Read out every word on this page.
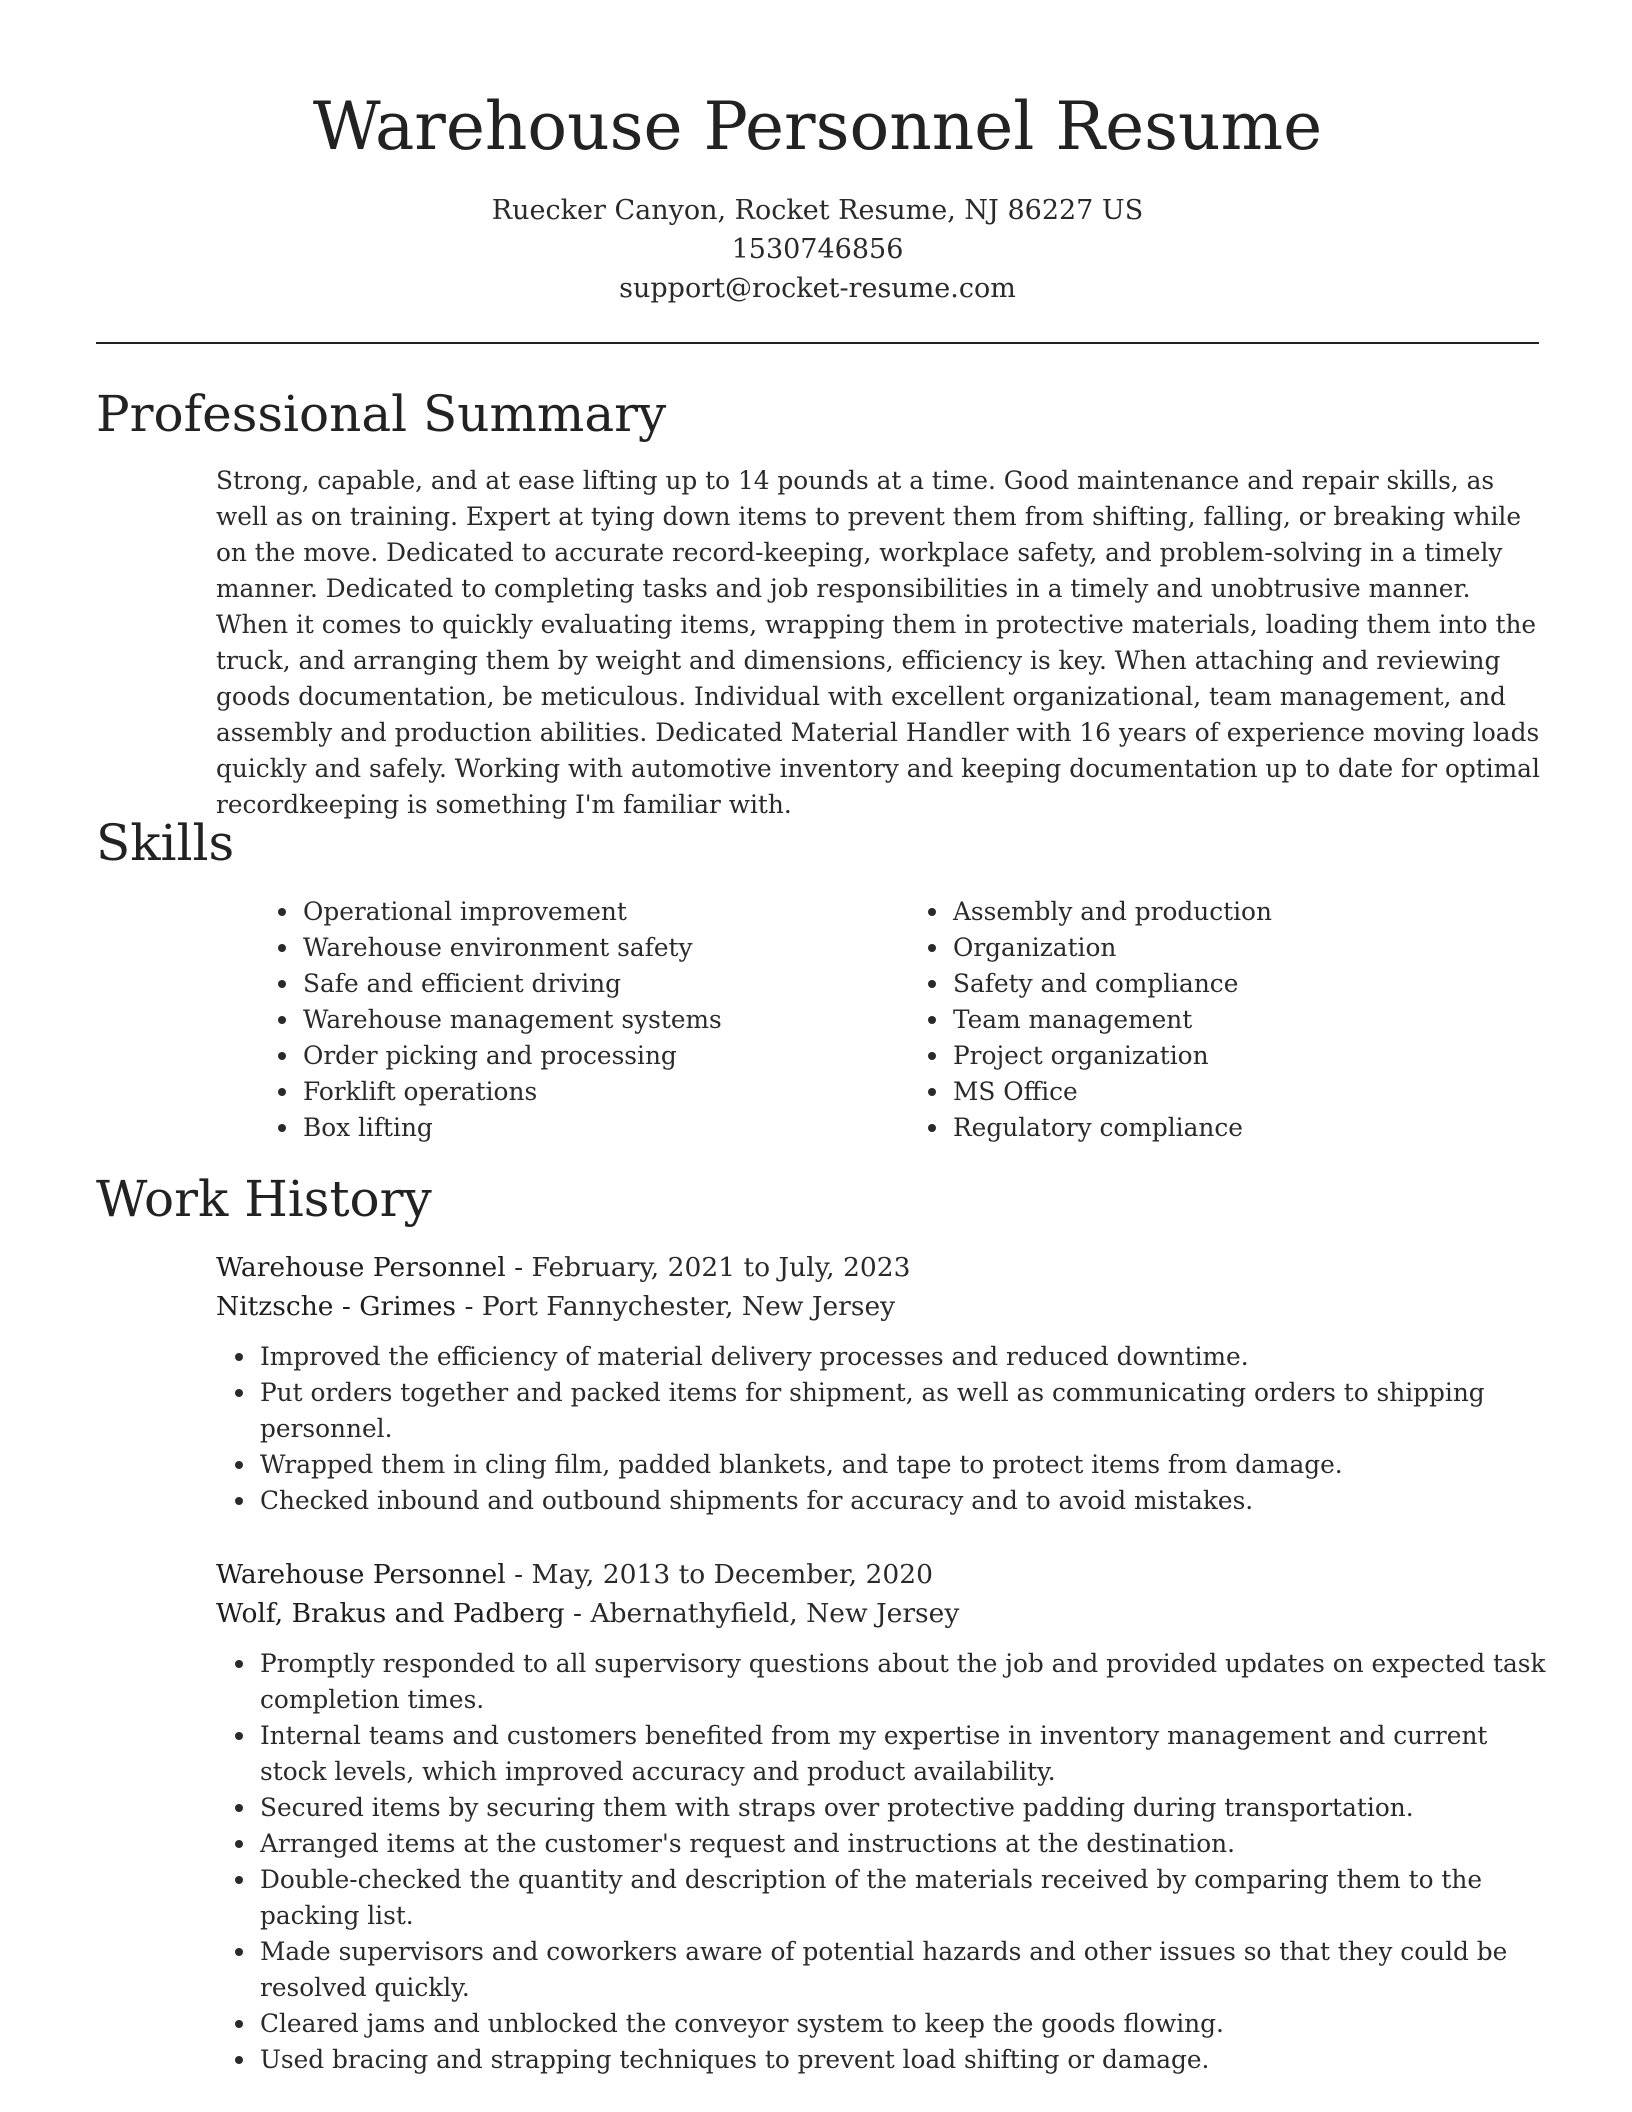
Warehouse Personnel Resume
Ruecker Canyon, Rocket Resume, NJ 86227 US
1530746856
support@rocket-resume.com
Professional Summary

Strong, capable, and at ease lifting up to 14 pounds at a time. Good maintenance and repair skills, as well as on training. Expert at tying down items to prevent them from shifting, falling, or breaking while on the move. Dedicated to accurate record-keeping, workplace safety, and problem-solving in a timely manner. Dedicated to completing tasks and job responsibilities in a timely and unobtrusive manner. When it comes to quickly evaluating items, wrapping them in protective materials, loading them into the truck, and arranging them by weight and dimensions, efficiency is key. When attaching and reviewing goods documentation, be meticulous. Individual with excellent organizational, team management, and assembly and production abilities. Dedicated Material Handler with 16 years of experience moving loads quickly and safely. Working with automotive inventory and keeping documentation up to date for optimal recordkeeping is something I'm familiar with.

Skills
Operational improvement
Warehouse environment safety
Safe and efficient driving
Warehouse management systems
Order picking and processing
Forklift operations
Box lifting
Assembly and production
Organization
Safety and compliance
Team management
Project organization
MS Office
Regulatory compliance
Work History
Warehouse Personnel - February, 2021 to July, 2023
Nitzsche - Grimes - Port Fannychester, New Jersey
Improved the efficiency of material delivery processes and reduced downtime.
Put orders together and packed items for shipment, as well as communicating orders to shipping personnel.
Wrapped them in cling film, padded blankets, and tape to protect items from damage.
Checked inbound and outbound shipments for accuracy and to avoid mistakes.
Warehouse Personnel - May, 2013 to December, 2020
Wolf, Brakus and Padberg - Abernathyfield, New Jersey
Promptly responded to all supervisory questions about the job and provided updates on expected task completion times.
Internal teams and customers benefited from my expertise in inventory management and current stock levels, which improved accuracy and product availability.
Secured items by securing them with straps over protective padding during transportation.
Arranged items at the customer's request and instructions at the destination.
Double-checked the quantity and description of the materials received by comparing them to the packing list.
Made supervisors and coworkers aware of potential hazards and other issues so that they could be resolved quickly.
Cleared jams and unblocked the conveyor system to keep the goods flowing.
Used bracing and strapping techniques to prevent load shifting or damage.
